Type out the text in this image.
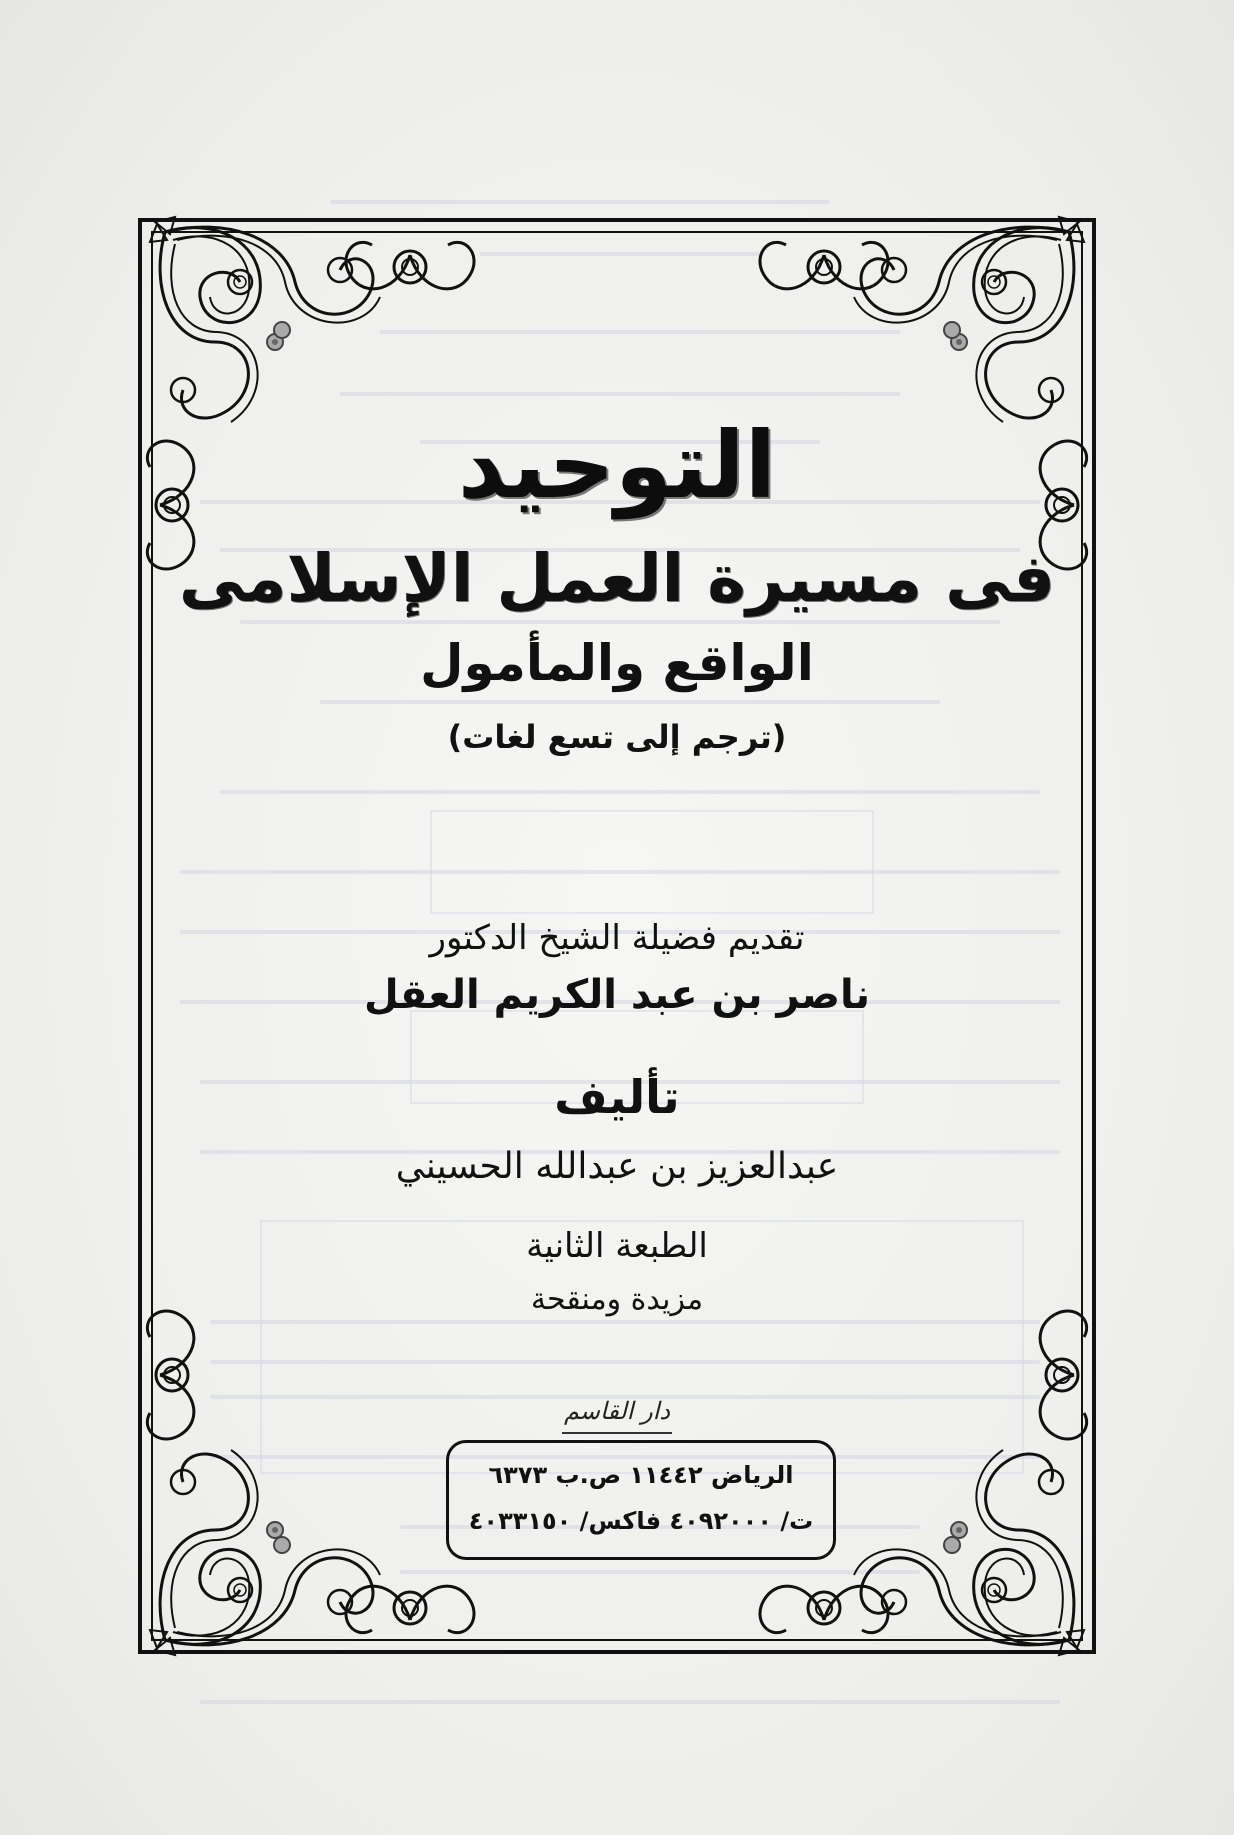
التوحيد
فى مسيرة العمل الإسلامى
الواقع والمأمول

(ترجم إلى تسع لغات)

تقديم فضيلة الشيخ الدكتور

ناصر بن عبد الكريم العقل

تأليف

عبدالعزيز بن عبدالله الحسيني

الطبعة الثانية

مزيدة ومنقحة

دار القاسم

الرياض ١١٤٤٢ ص.ب ٦٣٧٣

ت/ ٤٠٩٢٠٠٠ فاكس/ ٤٠٣٣١٥٠
